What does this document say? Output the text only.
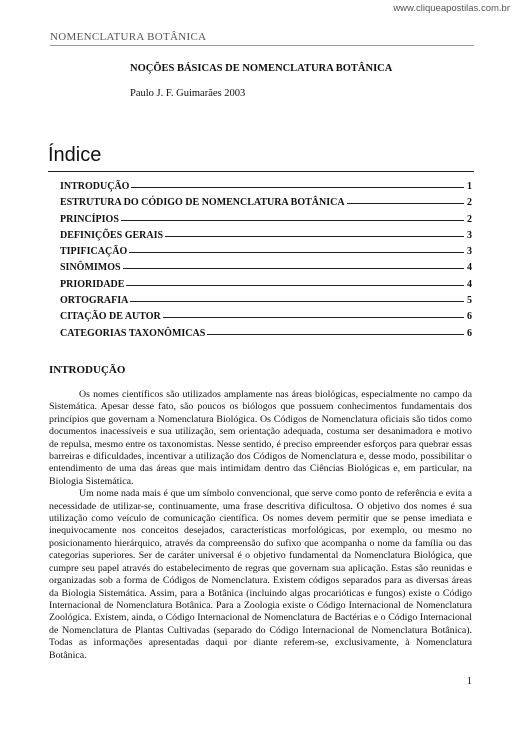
www.cliqueapostilas.com.br
NOMENCLATURA BOTÂNICA
NOÇÕES BÁSICAS DE NOMENCLATURA BOTÂNICA
Paulo J. F. Guimarães 2003
Índice
INTRODUÇÃO	1
ESTRUTURA DO CÓDIGO DE NOMENCLATURA BOTÂNICA	2
PRINCÍPIOS	2
DEFINIÇÕES GERAIS	3
TIPIFICAÇÃO	3
SINÔMIMOS	4
PRIORIDADE	4
ORTOGRAFIA	5
CITAÇÃO DE AUTOR	6
CATEGORIAS TAXONÔMICAS	6
INTRODUÇÃO

Os nomes científicos são utilizados amplamente nas áreas biológicas, especialmente no campo da Sistemática. Apesar desse fato, são poucos os biólogos que possuem conhecimentos fundamentais dos princípios que governam a Nomenclatura Biológica. Os Códigos de Nomenclatura oficiais são tidos como documentos inacessíveis e sua utilização, sem orientação adequada, costuma ser desanimadora e motivo de repulsa, mesmo entre os taxonomistas. Nesse sentido, é preciso empreender esforços para quebrar essas barreiras e dificuldades, incentivar a utilização dos Códigos de Nomenclatura e, desse modo, possibilitar o entendimento de uma das áreas que mais intimidam dentro das Ciências Biológicas e, em particular, na Biologia Sistemática.

Um nome nada mais é que um símbolo convencional, que serve como ponto de referência e evita a necessidade de utilizar-se, continuamente, uma frase descritiva dificultosa. O objetivo dos nomes é sua utilização como veículo de comunicação científica. Os nomes devem permitir que se pense imediata e inequivocamente nos conceitos desejados, características morfológicas, por exemplo, ou mesmo no posicionamento hierárquico, através da compreensão do sufixo que acompanha o nome da família ou das categorias superiores. Ser de caráter universal é o objetivo fundamental da Nomenclatura Biológica, que cumpre seu papel através do estabelecimento de regras que governam sua aplicação. Estas são reunidas e organizadas sob a forma de Códigos de Nomenclatura. Existem códigos separados para as diversas áreas da Biologia Sistemática. Assim, para a Botânica (incluindo algas procarióticas e fungos) existe o Código Internacional de Nomenclatura Botânica. Para a Zoologia existe o Código Internacional de Nomenclatura Zoológica. Existem, ainda, o Código Internacional de Nomenclatura de Bactérias e o Código Internacional de Nomenclatura de Plantas Cultivadas (separado do Código Internacional de Nomenclatura Botânica). Todas as informações apresentadas daqui por diante referem-se, exclusivamente, à Nomenclatura Botânica.

1
